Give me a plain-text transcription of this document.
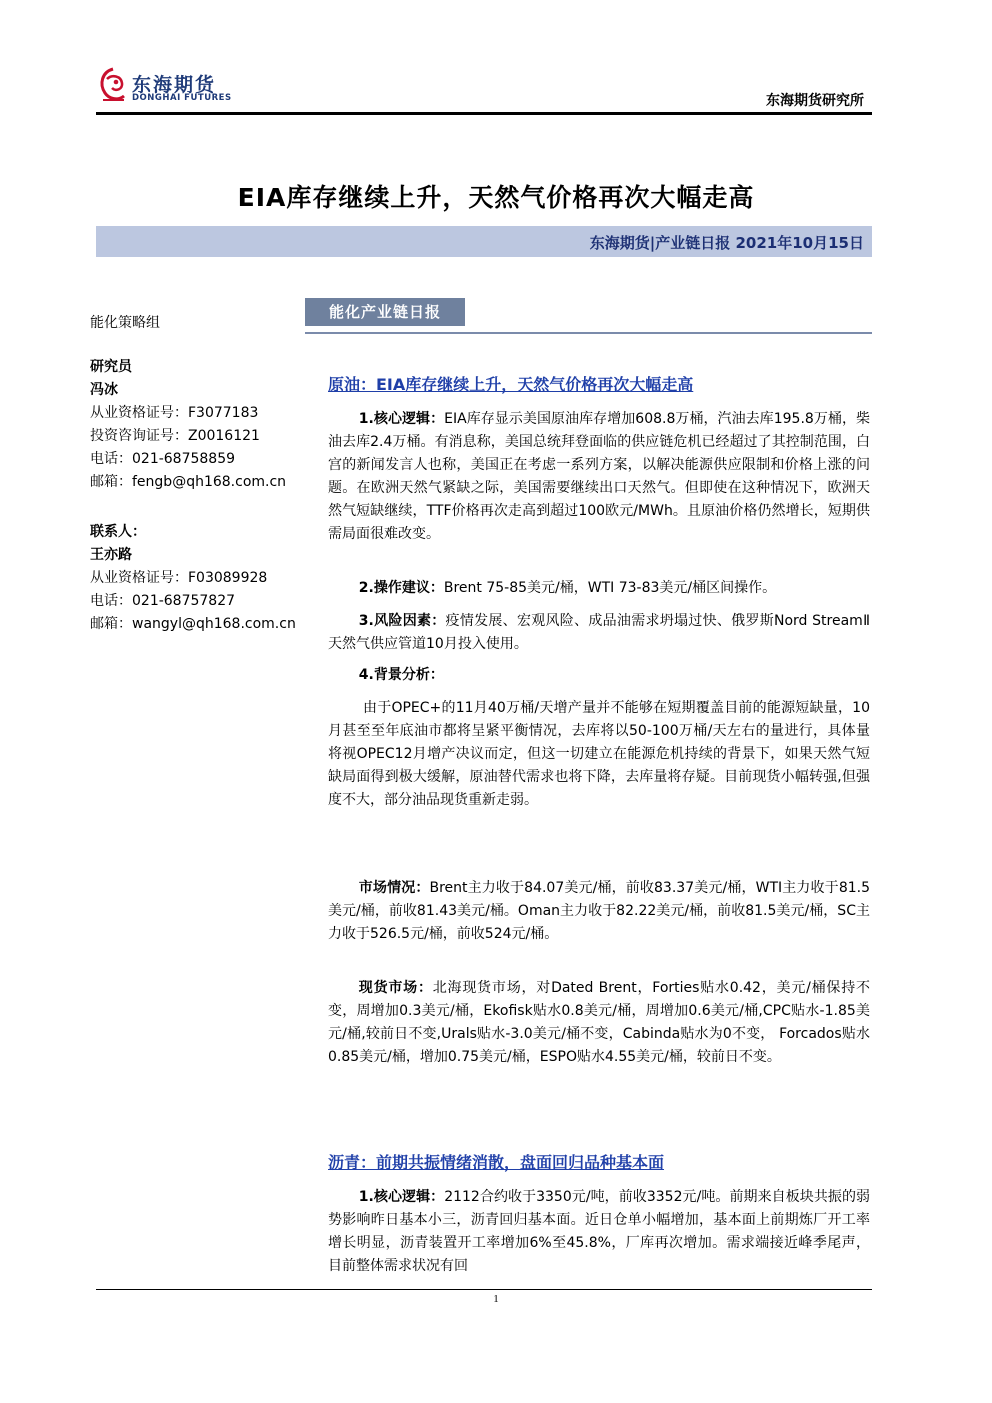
东海期货
DONGHAI FUTURES	东海期货研究所
EIA库存继续上升，天然气价格再次大幅走高
东海期货|产业链日报 2021年10月15日
能化策略组
研究员
冯冰
从业资格证号：F3077183
投资咨询证号：Z0016121
电话：021-68758859
邮箱：fengb@qh168.com.cn
联系人：
王亦路
从业资格证号：F03089928
电话：021-68757827
邮箱：wangyl@qh168.com.cn
能化产业链日报
原油：EIA库存继续上升，天然气价格再次大幅走高

1.核心逻辑：EIA库存显示美国原油库存增加608.8万桶，汽油去库195.8万桶，柴油去库2.4万桶。有消息称，美国总统拜登面临的供应链危机已经超过了其控制范围，白宫的新闻发言人也称，美国正在考虑一系列方案，以解决能源供应限制和价格上涨的问题。在欧洲天然气紧缺之际，美国需要继续出口天然气。但即使在这种情况下，欧洲天然气短缺继续，TTF价格再次走高到超过100欧元/MWh。且原油价格仍然增长，短期供需局面很难改变。

2.操作建议：Brent 75-85美元/桶，WTI 73-83美元/桶区间操作。

3.风险因素：疫情发展、宏观风险、成品油需求坍塌过快、俄罗斯Nord StreamⅡ天然气供应管道10月投入使用。

4.背景分析：

由于OPEC+的11月40万桶/天增产量并不能够在短期覆盖目前的能源短缺量，10月甚至至年底油市都将呈紧平衡情况，去库将以50-100万桶/天左右的量进行，具体量将视OPEC12月增产决议而定，但这一切建立在能源危机持续的背景下，如果天然气短缺局面得到极大缓解，原油替代需求也将下降，去库量将存疑。目前现货小幅转强,但强度不大，部分油品现货重新走弱。

市场情况：Brent主力收于84.07美元/桶，前收83.37美元/桶，WTI主力收于81.5美元/桶，前收81.43美元/桶。Oman主力收于82.22美元/桶，前收81.5美元/桶，SC主力收于526.5元/桶，前收524元/桶。

现货市场：北海现货市场，对Dated Brent，Forties贴水0.42，美元/桶保持不变，周增加0.3美元/桶，Ekofisk贴水0.8美元/桶，周增加0.6美元/桶,CPC贴水-1.85美元/桶,较前日不变,Urals贴水-3.0美元/桶不变，Cabinda贴水为0不变， Forcados贴水0.85美元/桶，增加0.75美元/桶，ESPO贴水4.55美元/桶，较前日不变。

沥青：前期共振情绪消散，盘面回归品种基本面

1.核心逻辑：2112合约收于3350元/吨，前收3352元/吨。前期来自板块共振的弱势影响昨日基本小三，沥青回归基本面。近日仓单小幅增加，基本面上前期炼厂开工率增长明显，沥青装置开工率增加6%至45.8%，厂库再次增加。需求端接近峰季尾声，目前整体需求状况有回

1
